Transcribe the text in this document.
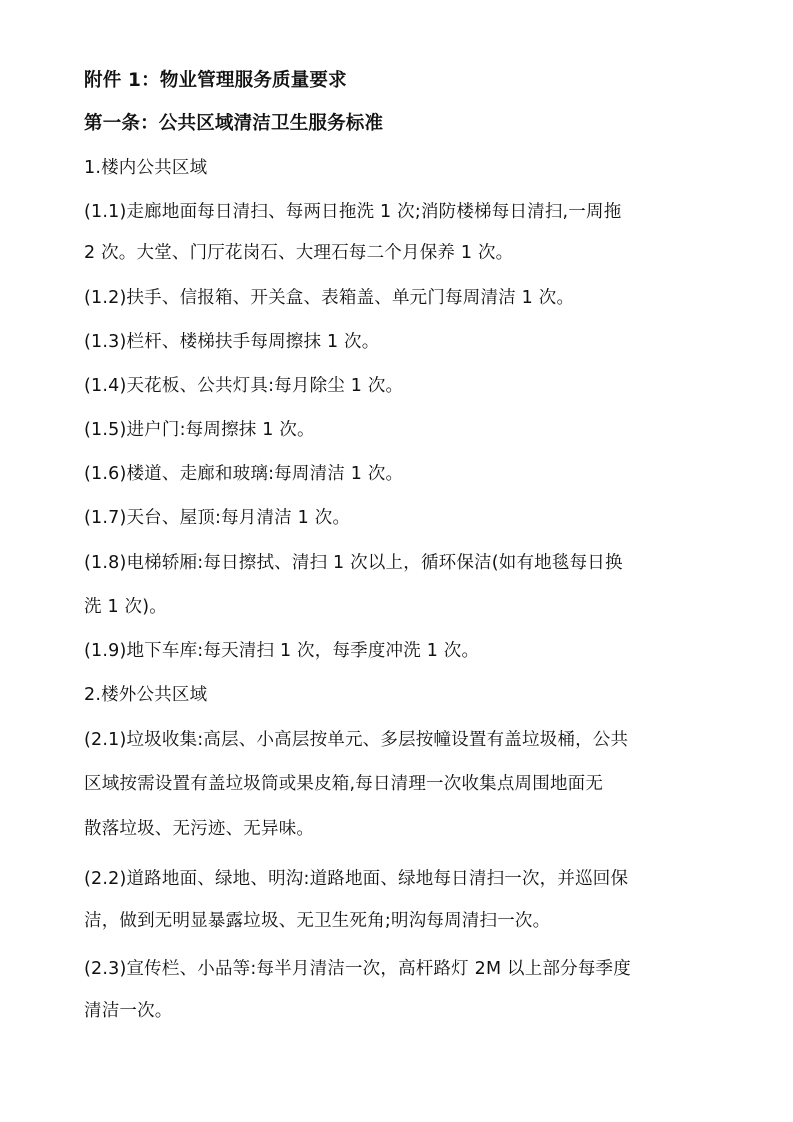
附件 1：物业管理服务质量要求
第一条：公共区域清洁卫生服务标准
1.楼内公共区域
(1.1)走廊地面每日清扫、每两日拖洗 1 次;消防楼梯每日清扫,一周拖
2 次。大堂、门厅花岗石、大理石每二个月保养 1 次。
(1.2)扶手、信报箱、开关盒、表箱盖、单元门每周清洁 1 次。
(1.3)栏杆、楼梯扶手每周擦抹 1 次。
(1.4)天花板、公共灯具:每月除尘 1 次。
(1.5)进户门:每周擦抹 1 次。
(1.6)楼道、走廊和玻璃:每周清洁 1 次。
(1.7)天台、屋顶:每月清洁 1 次。
(1.8)电梯轿厢:每日擦拭、清扫 1 次以上，循环保洁(如有地毯每日换
洗 1 次)。
(1.9)地下车库:每天清扫 1 次，每季度冲洗 1 次。
2.楼外公共区域
(2.1)垃圾收集:高层、小高层按单元、多层按幢设置有盖垃圾桶，公共
区域按需设置有盖垃圾筒或果皮箱,每日清理一次收集点周围地面无
散落垃圾、无污迹、无异味。
(2.2)道路地面、绿地、明沟:道路地面、绿地每日清扫一次，并巡回保
洁，做到无明显暴露垃圾、无卫生死角;明沟每周清扫一次。
(2.3)宣传栏、小品等:每半月清洁一次，高杆路灯 2M 以上部分每季度
清洁一次。
